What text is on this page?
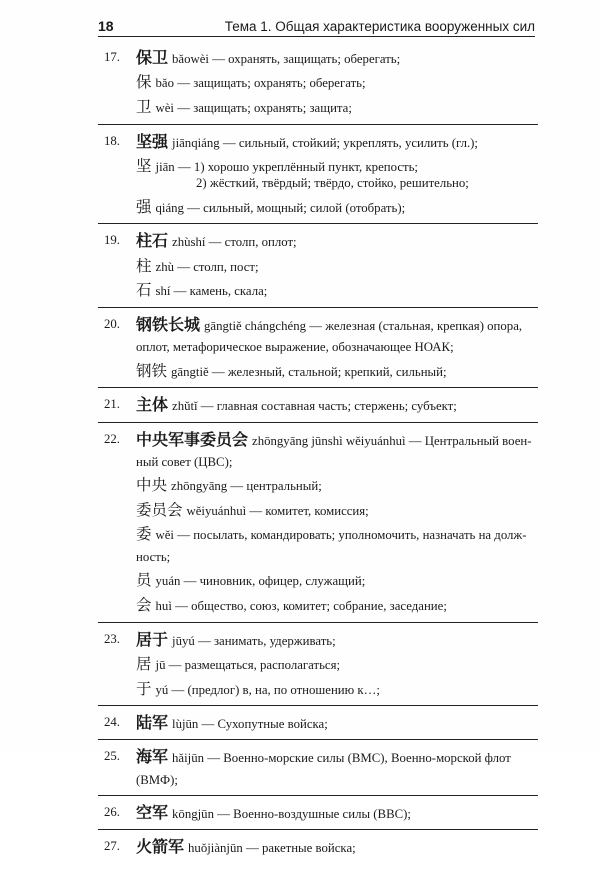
18	Тема 1. Общая характеристика вооруженных сил
17. 保卫 bǎowèi — охранять, защищать; оберегать;
保 bǎo — защищать; охранять; оберегать;
卫 wèi — защищать; охранять; защита;
18. 坚强 jiānqiáng — сильный, стойкий; укреплять, усилить (гл.);
坚 jiān — 1) хорошо укреплённый пункт, крепость;
2) жёсткий, твёрдый; твёрдо, стойко, решительно;
强 qiáng — сильный, мощный; силой (отобрать);
19. 柱石 zhùshí — столп, оплот;
柱 zhù — столп, пост;
石 shí — камень, скала;
20. 钢铁长城 gāngtiě chángchéng — железная (стальная, крепкая) опора,
оплот, метафорическое выражение, обозначающее НОАК;
钢铁 gāngtiě — железный, стальной; крепкий, сильный;
21. 主体 zhǔtǐ — главная составная часть; стержень; субъект;
22. 中央军事委员会 zhōngyāng jūnshì wěiyuánhuì — Центральный воен-
ный совет (ЦВС);
中央 zhōngyāng — центральный;
委员会 wěiyuánhuì — комитет, комиссия;
委 wěi — посылать, командировать; уполномочить, назначать на долж-
ность;
员 yuán — чиновник, офицер, служащий;
会 huì — общество, союз, комитет; собрание, заседание;
23. 居于 jūyú — занимать, удерживать;
居 jū — размещаться, располагаться;
于 yú — (предлог) в, на, по отношению к…;
24. 陆军 lùjūn — Сухопутные войска;
25. 海军 hǎijūn — Военно-морские силы (ВМС), Военно-морской флот
(ВМФ);
26. 空军 kōngjūn — Военно-воздушные силы (ВВС);
27. 火箭军 huǒjiànjūn — ракетные войска;
